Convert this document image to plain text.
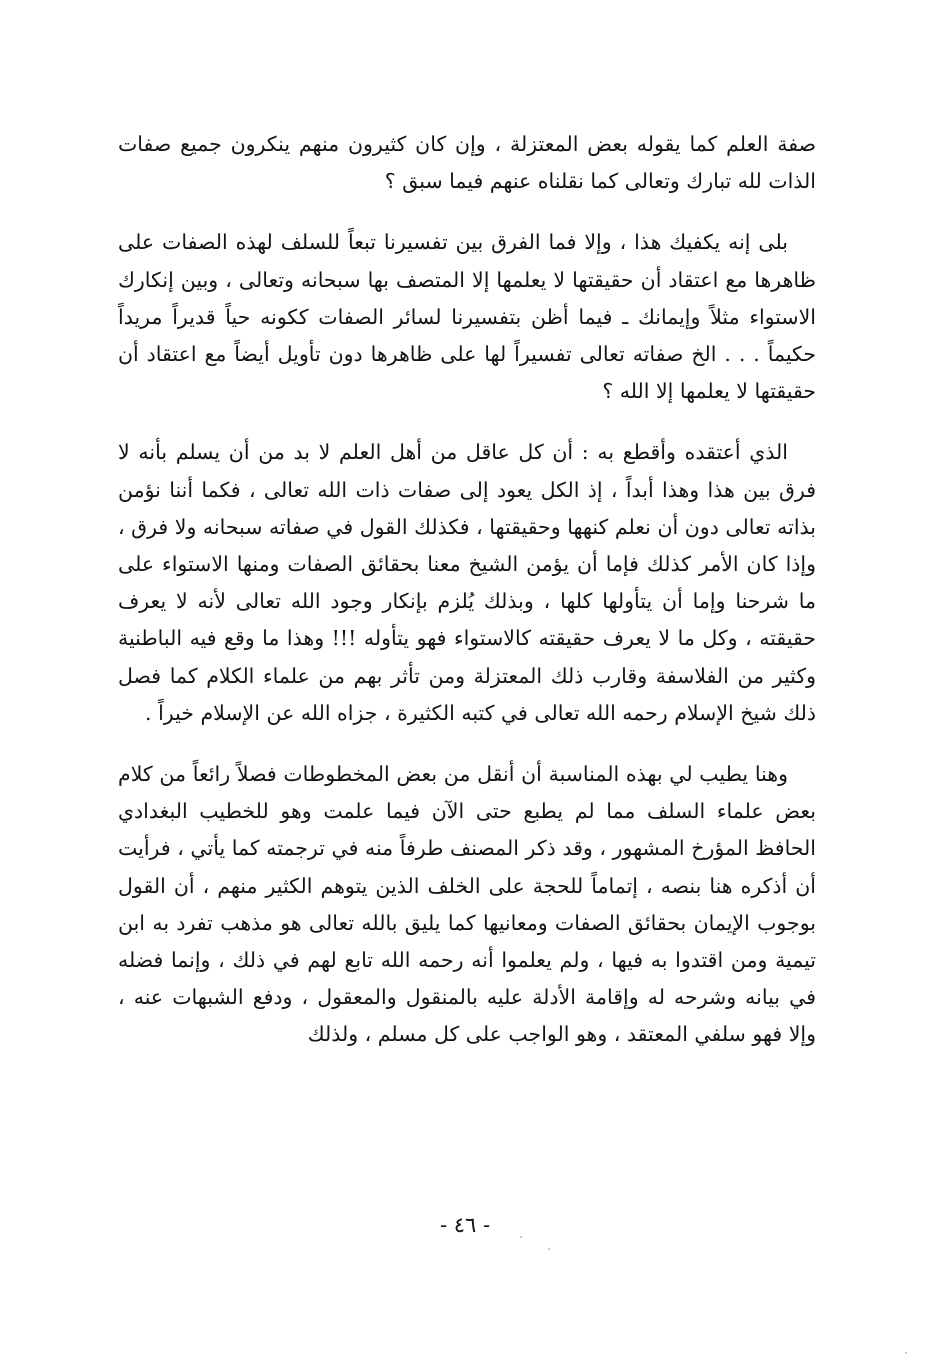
صفة العلم كما يقوله بعض المعتزلة ، وإن كان كثيرون منهم ينكرون جميع صفات الذات لله تبارك وتعالى كما نقلناه عنهم فيما سبق ؟

بلى إنه يكفيك هذا ، وإلا فما الفرق بين تفسيرنا تبعاً للسلف لهذه الصفات على ظاهرها مع اعتقاد أن حقيقتها لا يعلمها إلا المتصف بها سبحانه وتعالى ، وبين إنكارك الاستواء مثلاً وإيمانك ـ فيما أظن بتفسيرنا لسائر الصفات ككونه حياً قديراً مريداً حكيماً . . . الخ صفاته تعالى تفسيراً لها على ظاهرها دون تأويل أيضاً مع اعتقاد أن حقيقتها لا يعلمها إلا الله ؟

الذي أعتقده وأقطع به : أن كل عاقل من أهل العلم لا بد من أن يسلم بأنه لا فرق بين هذا وهذا أبداً ، إذ الكل يعود إلى صفات ذات الله تعالى ، فكما أننا نؤمن بذاته تعالى دون أن نعلم كنهها وحقيقتها ، فكذلك القول في صفاته سبحانه ولا فرق ، وإذا كان الأمر كذلك فإما أن يؤمن الشيخ معنا بحقائق الصفات ومنها الاستواء على ما شرحنا وإما أن يتأولها كلها ، وبذلك يُلزم بإنكار وجود الله تعالى لأنه لا يعرف حقيقته ، وكل ما لا يعرف حقيقته كالاستواء فهو يتأوله !!! وهذا ما وقع فيه الباطنية وكثير من الفلاسفة وقارب ذلك المعتزلة ومن تأثر بهم من علماء الكلام كما فصل ذلك شيخ الإسلام رحمه الله تعالى في كتبه الكثيرة ، جزاه الله عن الإسلام خيراً .

وهنا يطيب لي بهذه المناسبة أن أنقل من بعض المخطوطات فصلاً رائعاً من كلام بعض علماء السلف مما لم يطبع حتى الآن فيما علمت وهو للخطيب البغدادي الحافظ المؤرخ المشهور ، وقد ذكر المصنف طرفاً منه في ترجمته كما يأتي ، فرأيت أن أذكره هنا بنصه ، إتماماً للحجة على الخلف الذين يتوهم الكثير منهم ، أن القول بوجوب الإيمان بحقائق الصفات ومعانيها كما يليق بالله تعالى هو مذهب تفرد به ابن تيمية ومن اقتدوا به فيها ، ولم يعلموا أنه رحمه الله تابع لهم في ذلك ، وإنما فضله في بيانه وشرحه له وإقامة الأدلة عليه بالمنقول والمعقول ، ودفع الشبهات عنه ، وإلا فهو سلفي المعتقد ، وهو الواجب على كل مسلم ، ولذلك

- ٤٦ -
